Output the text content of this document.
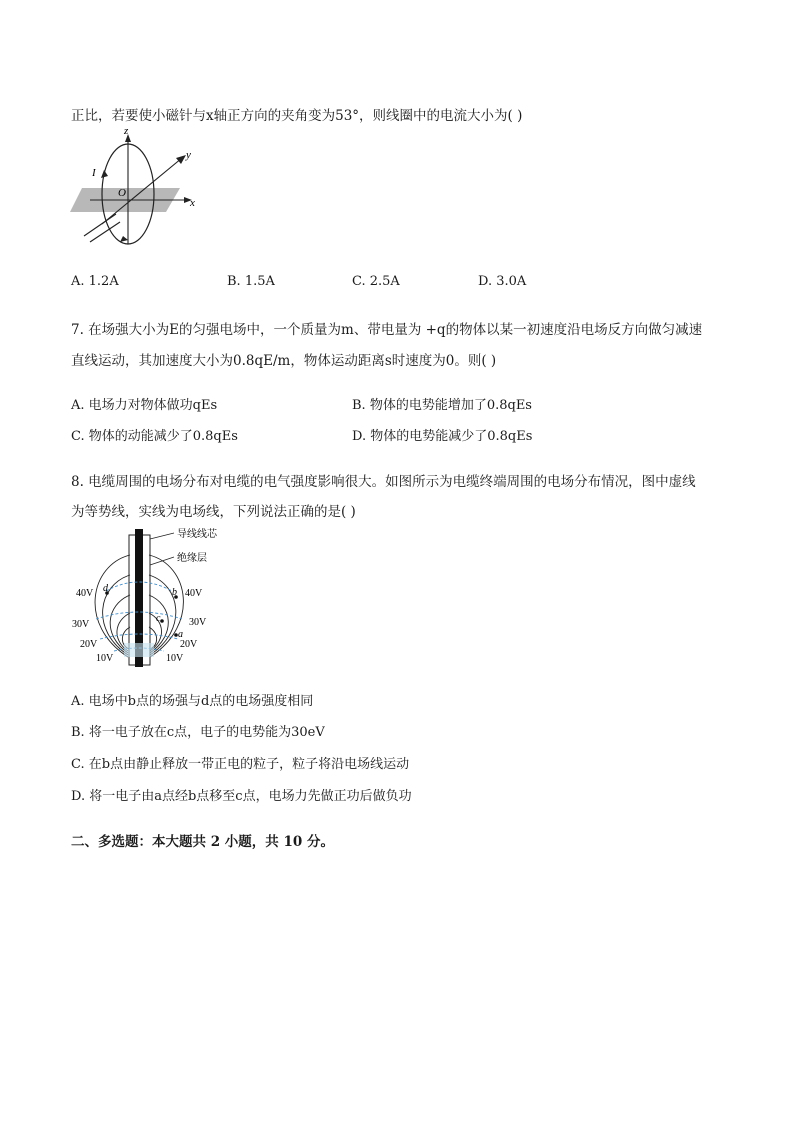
正比，若要使小磁针与x轴正方向的夹角变为53°，则线圈中的电流大小为( )
z
y
x
O
I
A. 1.2A	B. 1.5A	C. 2.5A	D. 3.0A
7. 在场强大小为E的匀强电场中，一个质量为m、带电量为 +q的物体以某一初速度沿电场反方向做匀减速
直线运动，其加速度大小为0.8qE/m，物体运动距离s时速度为0。则( )
A. 电场力对物体做功qEs	B. 物体的电势能增加了0.8qEs
C. 物体的动能减少了0.8qEs	D. 物体的电势能减少了0.8qEs
8. 电缆周围的电场分布对电缆的电气强度影响很大。如图所示为电缆终端周围的电场分布情况，图中虚线
为等势线，实线为电场线，下列说法正确的是( )
d	b
c
a
导线线芯
绝缘层
40V
30V
20V
10V
40V
30V
20V
10V
A. 电场中b点的场强与d点的电场强度相同
B. 将一电子放在c点，电子的电势能为30eV
C. 在b点由静止释放一带正电的粒子，粒子将沿电场线运动
D. 将一电子由a点经b点移至c点，电场力先做正功后做负功
二、多选题：本大题共 2 小题，共 10 分。
